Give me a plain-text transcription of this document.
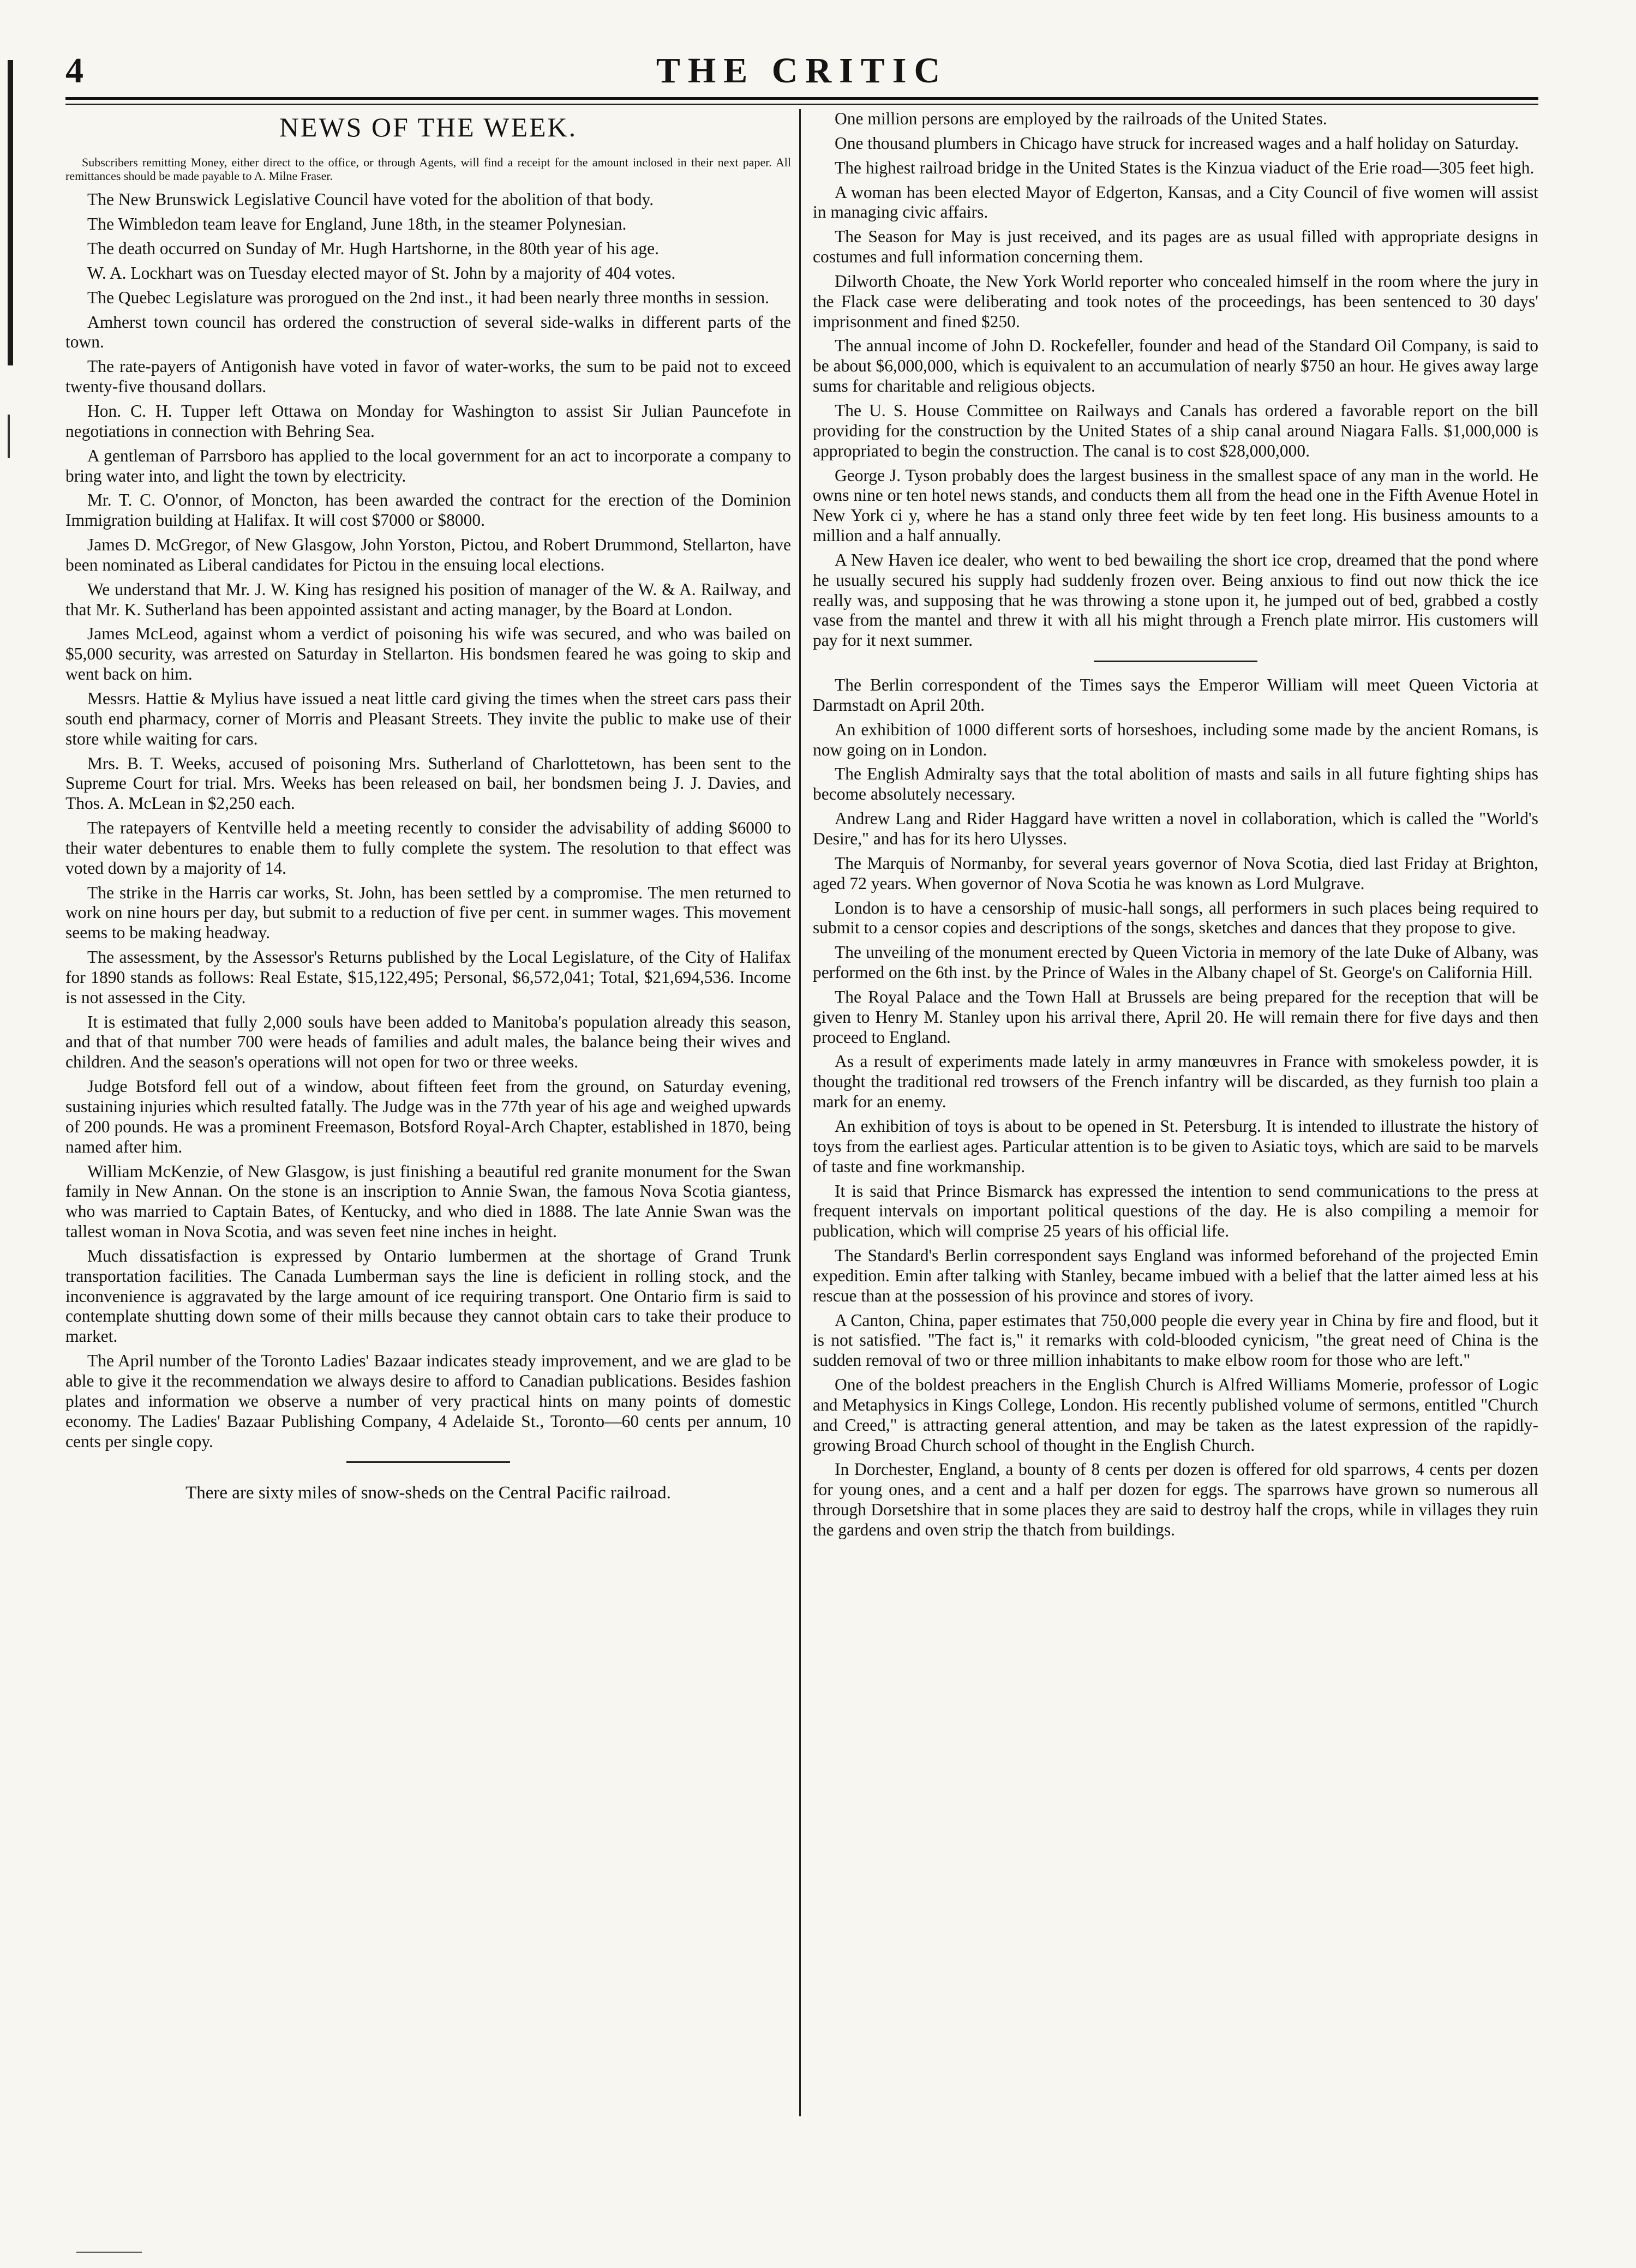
4	THE CRITIC
NEWS OF THE WEEK.

Subscribers remitting Money, either direct to the office, or through Agents, will find a receipt for the amount inclosed in their next paper. All remittances should be made payable to A. Milne Fraser.

The New Brunswick Legislative Council have voted for the abolition of that body.

The Wimbledon team leave for England, June 18th, in the steamer Polynesian.

The death occurred on Sunday of Mr. Hugh Hartshorne, in the 80th year of his age.

W. A. Lockhart was on Tuesday elected mayor of St. John by a majority of 404 votes.

The Quebec Legislature was prorogued on the 2nd inst., it had been nearly three months in session.

Amherst town council has ordered the construction of several side-walks in different parts of the town.

The rate-payers of Antigonish have voted in favor of water-works, the sum to be paid not to exceed twenty-five thousand dollars.

Hon. C. H. Tupper left Ottawa on Monday for Washington to assist Sir Julian Pauncefote in negotiations in connection with Behring Sea.

A gentleman of Parrsboro has applied to the local government for an act to incorporate a company to bring water into, and light the town by electricity.

Mr. T. C. O'onnor, of Moncton, has been awarded the contract for the erection of the Dominion Immigration building at Halifax. It will cost $7000 or $8000.

James D. McGregor, of New Glasgow, John Yorston, Pictou, and Robert Drummond, Stellarton, have been nominated as Liberal candidates for Pictou in the ensuing local elections.

We understand that Mr. J. W. King has resigned his position of manager of the W. & A. Railway, and that Mr. K. Sutherland has been appointed assistant and acting manager, by the Board at London.

James McLeod, against whom a verdict of poisoning his wife was secured, and who was bailed on $5,000 security, was arrested on Saturday in Stellarton. His bondsmen feared he was going to skip and went back on him.

Messrs. Hattie & Mylius have issued a neat little card giving the times when the street cars pass their south end pharmacy, corner of Morris and Pleasant Streets. They invite the public to make use of their store while waiting for cars.

Mrs. B. T. Weeks, accused of poisoning Mrs. Sutherland of Charlottetown, has been sent to the Supreme Court for trial. Mrs. Weeks has been released on bail, her bondsmen being J. J. Davies, and Thos. A. McLean in $2,250 each.

The ratepayers of Kentville held a meeting recently to consider the advisability of adding $6000 to their water debentures to enable them to fully complete the system. The resolution to that effect was voted down by a majority of 14.

The strike in the Harris car works, St. John, has been settled by a compromise. The men returned to work on nine hours per day, but submit to a reduction of five per cent. in summer wages. This movement seems to be making headway.

The assessment, by the Assessor's Returns published by the Local Legislature, of the City of Halifax for 1890 stands as follows: Real Estate, $15,122,495; Personal, $6,572,041; Total, $21,694,536. Income is not assessed in the City.

It is estimated that fully 2,000 souls have been added to Manitoba's population already this season, and that of that number 700 were heads of families and adult males, the balance being their wives and children. And the season's operations will not open for two or three weeks.

Judge Botsford fell out of a window, about fifteen feet from the ground, on Saturday evening, sustaining injuries which resulted fatally. The Judge was in the 77th year of his age and weighed upwards of 200 pounds. He was a prominent Freemason, Botsford Royal-Arch Chapter, established in 1870, being named after him.

William McKenzie, of New Glasgow, is just finishing a beautiful red granite monument for the Swan family in New Annan. On the stone is an inscription to Annie Swan, the famous Nova Scotia giantess, who was married to Captain Bates, of Kentucky, and who died in 1888. The late Annie Swan was the tallest woman in Nova Scotia, and was seven feet nine inches in height.

Much dissatisfaction is expressed by Ontario lumbermen at the shortage of Grand Trunk transportation facilities. The Canada Lumberman says the line is deficient in rolling stock, and the inconvenience is aggravated by the large amount of ice requiring transport. One Ontario firm is said to contemplate shutting down some of their mills because they cannot obtain cars to take their produce to market.

The April number of the Toronto Ladies' Bazaar indicates steady improvement, and we are glad to be able to give it the recommendation we always desire to afford to Canadian publications. Besides fashion plates and information we observe a number of very practical hints on many points of domestic economy. The Ladies' Bazaar Publishing Company, 4 Adelaide St., Toronto—60 cents per annum, 10 cents per single copy.

There are sixty miles of snow-sheds on the Central Pacific railroad.

One million persons are employed by the railroads of the United States.

One thousand plumbers in Chicago have struck for increased wages and a half holiday on Saturday.

The highest railroad bridge in the United States is the Kinzua viaduct of the Erie road—305 feet high.

A woman has been elected Mayor of Edgerton, Kansas, and a City Council of five women will assist in managing civic affairs.

The Season for May is just received, and its pages are as usual filled with appropriate designs in costumes and full information concerning them.

Dilworth Choate, the New York World reporter who concealed himself in the room where the jury in the Flack case were deliberating and took notes of the proceedings, has been sentenced to 30 days' imprisonment and fined $250.

The annual income of John D. Rockefeller, founder and head of the Standard Oil Company, is said to be about $6,000,000, which is equivalent to an accumulation of nearly $750 an hour. He gives away large sums for charitable and religious objects.

The U. S. House Committee on Railways and Canals has ordered a favorable report on the bill providing for the construction by the United States of a ship canal around Niagara Falls. $1,000,000 is appropriated to begin the construction. The canal is to cost $28,000,000.

George J. Tyson probably does the largest business in the smallest space of any man in the world. He owns nine or ten hotel news stands, and conducts them all from the head one in the Fifth Avenue Hotel in New York ci y, where he has a stand only three feet wide by ten feet long. His business amounts to a million and a half annually.

A New Haven ice dealer, who went to bed bewailing the short ice crop, dreamed that the pond where he usually secured his supply had suddenly frozen over. Being anxious to find out now thick the ice really was, and supposing that he was throwing a stone upon it, he jumped out of bed, grabbed a costly vase from the mantel and threw it with all his might through a French plate mirror. His customers will pay for it next summer.

The Berlin correspondent of the Times says the Emperor William will meet Queen Victoria at Darmstadt on April 20th.

An exhibition of 1000 different sorts of horseshoes, including some made by the ancient Romans, is now going on in London.

The English Admiralty says that the total abolition of masts and sails in all future fighting ships has become absolutely necessary.

Andrew Lang and Rider Haggard have written a novel in collaboration, which is called the "World's Desire," and has for its hero Ulysses.

The Marquis of Normanby, for several years governor of Nova Scotia, died last Friday at Brighton, aged 72 years. When governor of Nova Scotia he was known as Lord Mulgrave.

London is to have a censorship of music-hall songs, all performers in such places being required to submit to a censor copies and descriptions of the songs, sketches and dances that they propose to give.

The unveiling of the monument erected by Queen Victoria in memory of the late Duke of Albany, was performed on the 6th inst. by the Prince of Wales in the Albany chapel of St. George's on California Hill.

The Royal Palace and the Town Hall at Brussels are being prepared for the reception that will be given to Henry M. Stanley upon his arrival there, April 20. He will remain there for five days and then proceed to England.

As a result of experiments made lately in army manœuvres in France with smokeless powder, it is thought the traditional red trowsers of the French infantry will be discarded, as they furnish too plain a mark for an enemy.

An exhibition of toys is about to be opened in St. Petersburg. It is intended to illustrate the history of toys from the earliest ages. Particular attention is to be given to Asiatic toys, which are said to be marvels of taste and fine workmanship.

It is said that Prince Bismarck has expressed the intention to send communications to the press at frequent intervals on important political questions of the day. He is also compiling a memoir for publication, which will comprise 25 years of his official life.

The Standard's Berlin correspondent says England was informed beforehand of the projected Emin expedition. Emin after talking with Stanley, became imbued with a belief that the latter aimed less at his rescue than at the possession of his province and stores of ivory.

A Canton, China, paper estimates that 750,000 people die every year in China by fire and flood, but it is not satisfied. "The fact is," it remarks with cold-blooded cynicism, "the great need of China is the sudden removal of two or three million inhabitants to make elbow room for those who are left."

One of the boldest preachers in the English Church is Alfred Williams Momerie, professor of Logic and Metaphysics in Kings College, London. His recently published volume of sermons, entitled "Church and Creed," is attracting general attention, and may be taken as the latest expression of the rapidly-growing Broad Church school of thought in the English Church.

In Dorchester, England, a bounty of 8 cents per dozen is offered for old sparrows, 4 cents per dozen for young ones, and a cent and a half per dozen for eggs. The sparrows have grown so numerous all through Dorsetshire that in some places they are said to destroy half the crops, while in villages they ruin the gardens and oven strip the thatch from buildings.
